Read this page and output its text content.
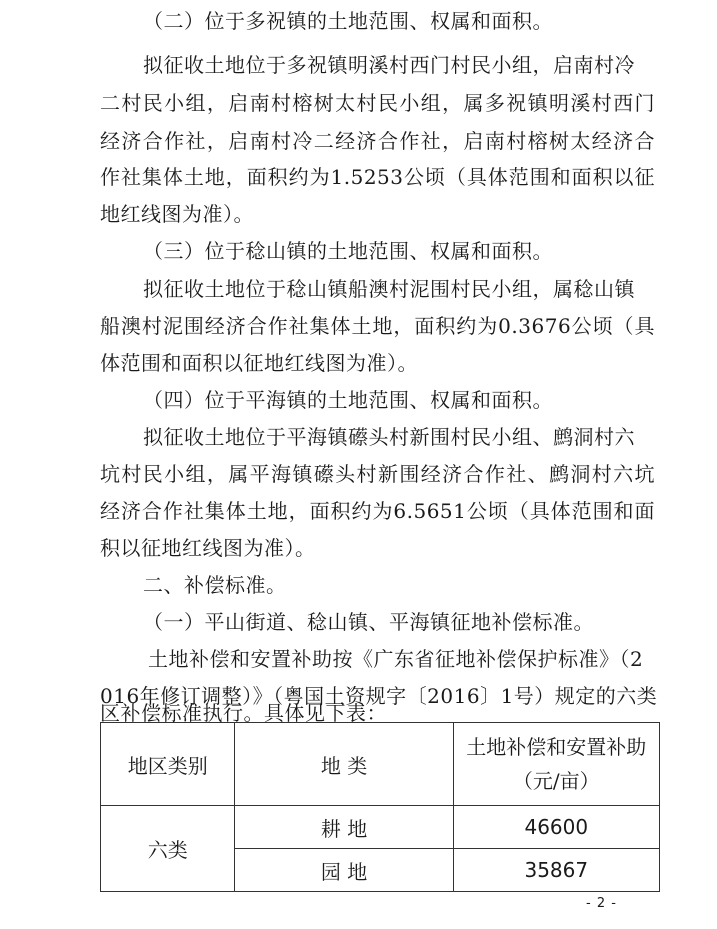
（二）位于多祝镇的土地范围、权属和面积。
拟征收土地位于多祝镇明溪村西门村民小组，启南村冷
二村民小组，启南村榕树太村民小组，属多祝镇明溪村西门
经济合作社，启南村冷二经济合作社，启南村榕树太经济合
作社集体土地，面积约为1.5253公顷（具体范围和面积以征
地红线图为准）。
（三）位于稔山镇的土地范围、权属和面积。
拟征收土地位于稔山镇船澳村泥围村民小组，属稔山镇
船澳村泥围经济合作社集体土地，面积约为0.3676公顷（具
体范围和面积以征地红线图为准）。
（四）位于平海镇的土地范围、权属和面积。
拟征收土地位于平海镇礤头村新围村民小组、鹧洞村六
坑村民小组，属平海镇礤头村新围经济合作社、鹧洞村六坑
经济合作社集体土地，面积约为6.5651公顷（具体范围和面
积以征地红线图为准）。
二、补偿标准。
（一）平山街道、稔山镇、平海镇征地补偿标准。
土地补偿和安置补助按《广东省征地补偿保护标准》（2
016年修订调整）》（粤国土资规字〔2016〕1号）规定的六类
地区类别	地 类	土地补偿和安置补助
（元/亩）

六类	耕 地	46600
	园 地	35867
- 2 -
区补偿标准执行。具体见下表：
